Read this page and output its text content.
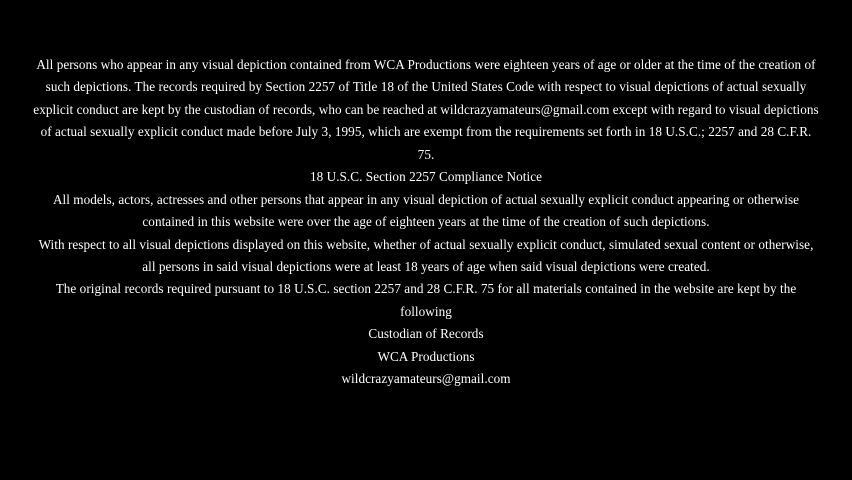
All persons who appear in any visual depiction contained from WCA Productions were eighteen years of age or older at the time of the creation of such depictions. The records required by Section 2257 of Title 18 of the United States Code with respect to visual depictions of actual sexually explicit conduct are kept by the custodian of records, who can be reached at wildcrazyamateurs@gmail.com except with regard to visual depictions of actual sexually explicit conduct made before July 3, 1995, which are exempt from the requirements set forth in 18 U.S.C.; 2257 and 28 C.F.R. 75.

18 U.S.C. Section 2257 Compliance Notice

All models, actors, actresses and other persons that appear in any visual depiction of actual sexually explicit conduct appearing or otherwise contained in this website were over the age of eighteen years at the time of the creation of such depictions.

With respect to all visual depictions displayed on this website, whether of actual sexually explicit conduct, simulated sexual content or otherwise, all persons in said visual depictions were at least 18 years of age when said visual depictions were created.

The original records required pursuant to 18 U.S.C. section 2257 and 28 C.F.R. 75 for all materials contained in the website are kept by the following

Custodian of Records

WCA Productions

wildcrazyamateurs@gmail.com
